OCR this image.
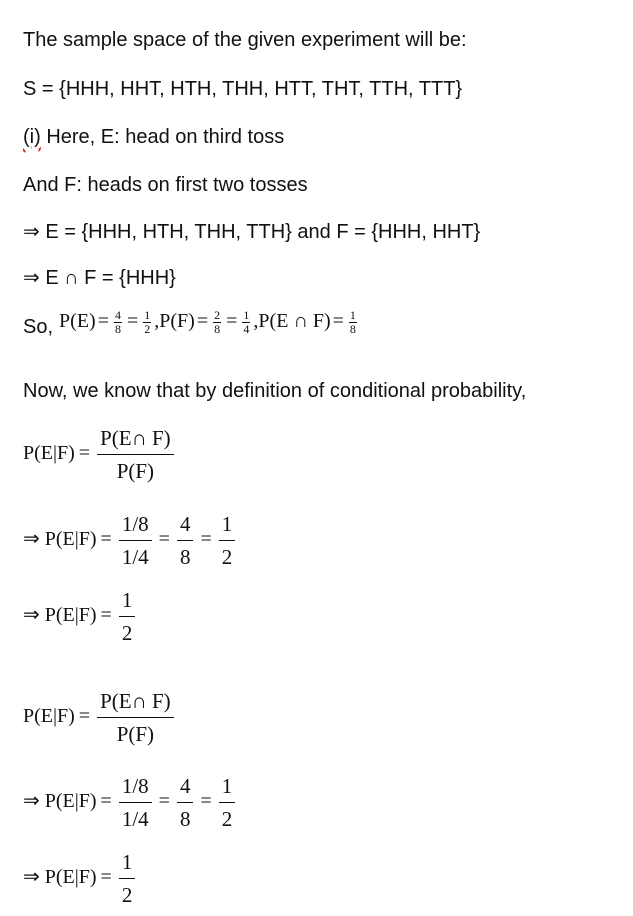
The sample space of the given experiment will be:
S = {HHH, HHT, HTH, THH, HTT, THT, TTH, TTT}
(i) Here, E: head on third toss
And F: heads on first two tosses
⇒ E = {HHH, HTH, THH, TTH} and F = {HHH, HHT}
⇒ E ∩ F = {HHH}
So, $P(E) = \frac{4}{8} = \frac{1}{2} ,P(F) = \frac{2}{8} = \frac{1}{4} ,P(E$ ∩ $F) = \frac{1}{8}$
Now, we know that by definition of conditional probability,
$P(E|F) = \frac{P(E\cap F)}{P(F)}$
⇒ $P(E|F) = \frac{1/8}{1/4} = \frac{4}{8} = \frac{1}{2}$
⇒ $P(E|F) = \frac{1}{2}$
$P(E|F) = \frac{P(E\cap F)}{P(F)}$
⇒ $P(E|F) = \frac{1/8}{1/4} = \frac{4}{8} = \frac{1}{2}$
⇒ $P(E|F) = \frac{1}{2}$
